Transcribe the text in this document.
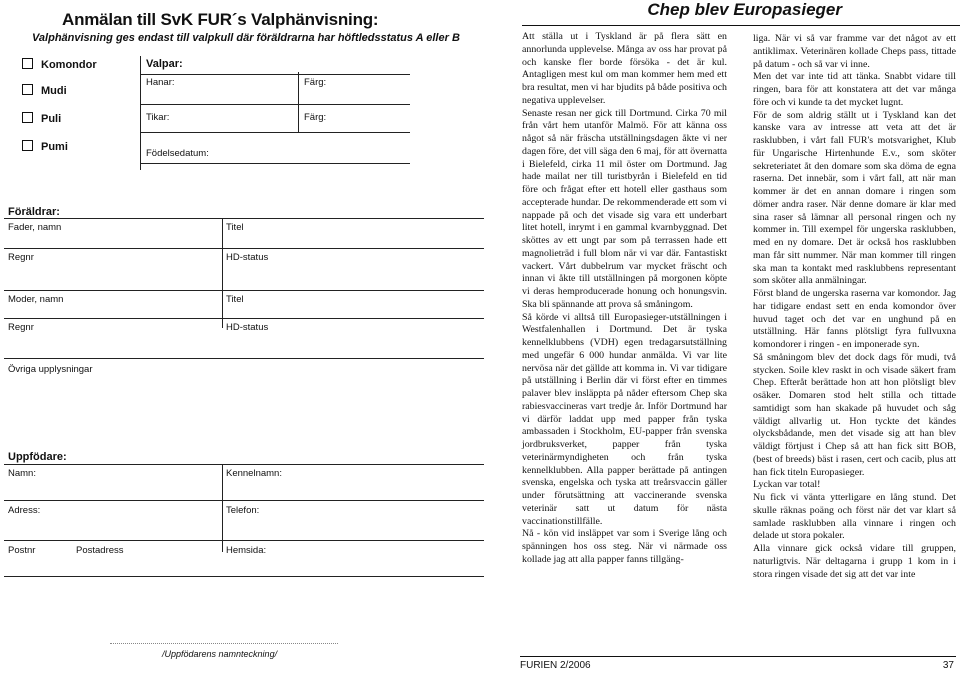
Anmälan till SvK FUR´s Valphänvisning:
Valphänvisning ges endast till valpkull där föräldrarna har höftledsstatus A eller B
Komondor
Mudi
Puli
Pumi
Valpar:
Hanar:	Färg:
Tikar:	Färg:
Födelsedatum:
Föräldrar:
Fader, namn	Titel
Regnr	HD-status
Moder, namn	Titel
Regnr	HD-status
Övriga upplysningar
Uppfödare:
Namn:	Kennelnamn:
Adress:	Telefon:
Postnr	Postadress	Hemsida:
/Uppfödarens namnteckning/
Chep blev Europasieger

Att ställa ut i Tyskland är på flera sätt en annorlunda upplevelse. Många av oss har provat på och kanske fler borde försöka - det är kul. Antagligen mest kul om man kommer hem med ett bra resultat, men vi har bjudits på både positiva och negativa upplevelser.

Senaste resan ner gick till Dortmund. Cirka 70 mil från vårt hem utanför Malmö. För att känna oss något så när fräscha utställningsdagen åkte vi ner dagen före, det vill säga den 6 maj, för att övernatta i Bielefeld, cirka 11 mil öster om Dortmund. Jag hade mailat ner till turistbyrån i Bielefeld en tid före och frågat efter ett hotell eller gasthaus som accepterade hundar. De rekommenderade ett som vi nappade på och det visade sig vara ett underbart litet hotell, inrymt i en gammal kvarnbyggnad. Det sköttes av ett ungt par som på terrassen hade ett magnolieträd i full blom när vi var där. Fantastiskt vackert. Vårt dubbelrum var mycket fräscht och innan vi åkte till utställningen på morgonen köpte vi deras hemproducerade honung och honungsvin. Ska bli spännande att prova så småningom.

Så körde vi alltså till Europasieger-utställningen i Westfalenhallen i Dortmund. Det är tyska kennelklubbens (VDH) egen tredagarsutställning med ungefär 6 000 hundar anmälda. Vi var lite nervösa när det gällde att komma in. Vi var tidigare på utställning i Berlin där vi först efter en timmes palaver blev insläppta på nåder eftersom Chep ska rabiesvaccineras vart tredje år. Inför Dortmund har vi därför laddat upp med papper från tyska ambassaden i Stockholm, EU-papper från svenska jordbruksverket, papper från tyska veterinärmyndigheten och från tyska kennelklubben. Alla papper berättade på antingen svenska, engelska och tyska att treårsvaccin gäller under förutsättning att vaccinerande svenska veterinär satt ut datum för nästa vaccinationstillfälle.

Nå - kön vid insläppet var som i Sverige lång och spänningen hos oss steg. När vi närmade oss kollade jag att alla papper fanns tillgäng-

liga. När vi så var framme var det något av ett antiklimax. Veterinären kollade Cheps pass, tittade på datum - och så var vi inne.

Men det var inte tid att tänka. Snabbt vidare till ringen, bara för att konstatera att det var många före och vi kunde ta det mycket lugnt.

För de som aldrig ställt ut i Tyskland kan det kanske vara av intresse att veta att det är rasklubben, i vårt fall FUR's motsvarighet, Klub für Ungarische Hirtenhunde E.v., som sköter sekreteriatet åt den domare som ska döma de egna raserna. Det innebär, som i vårt fall, att när man kommer är det en annan domare i ringen som dömer andra raser. När denne domare är klar med sina raser så lämnar all personal ringen och ny kommer in. Till exempel för ungerska rasklubben, med en ny domare. Det är också hos rasklubben man får sitt nummer. När man kommer till ringen ska man ta kontakt med rasklubbens representant som sköter alla anmälningar.

Först bland de ungerska raserna var komondor. Jag har tidigare endast sett en enda komondor över huvud taget och det var en unghund på en utställning. Här fanns plötsligt fyra fullvuxna komondorer i ringen - en imponerade syn.

Så småningom blev det dock dags för mudi, två stycken. Soile klev raskt in och visade säkert fram Chep. Efteråt berättade hon att hon plötsligt blev osäker. Domaren stod helt stilla och tittade samtidigt som han skakade på huvudet och såg väldigt allvarlig ut. Hon tyckte det kändes olycksbådande, men det visade sig att han blev väldigt förtjust i Chep så att han fick sitt BOB, (best of breeds) bäst i rasen, cert och cacib, plus att han fick titeln Europasieger.

Lyckan var total!

Nu fick vi vänta ytterligare en lång stund. Det skulle räknas poäng och först när det var klart så samlade rasklubben alla vinnare i ringen och delade ut stora pokaler.

Alla vinnare gick också vidare till gruppen, naturligtvis. När deltagarna i grupp 1 kom in i stora ringen visade det sig att det var inte

FURIEN 2/2006	37
